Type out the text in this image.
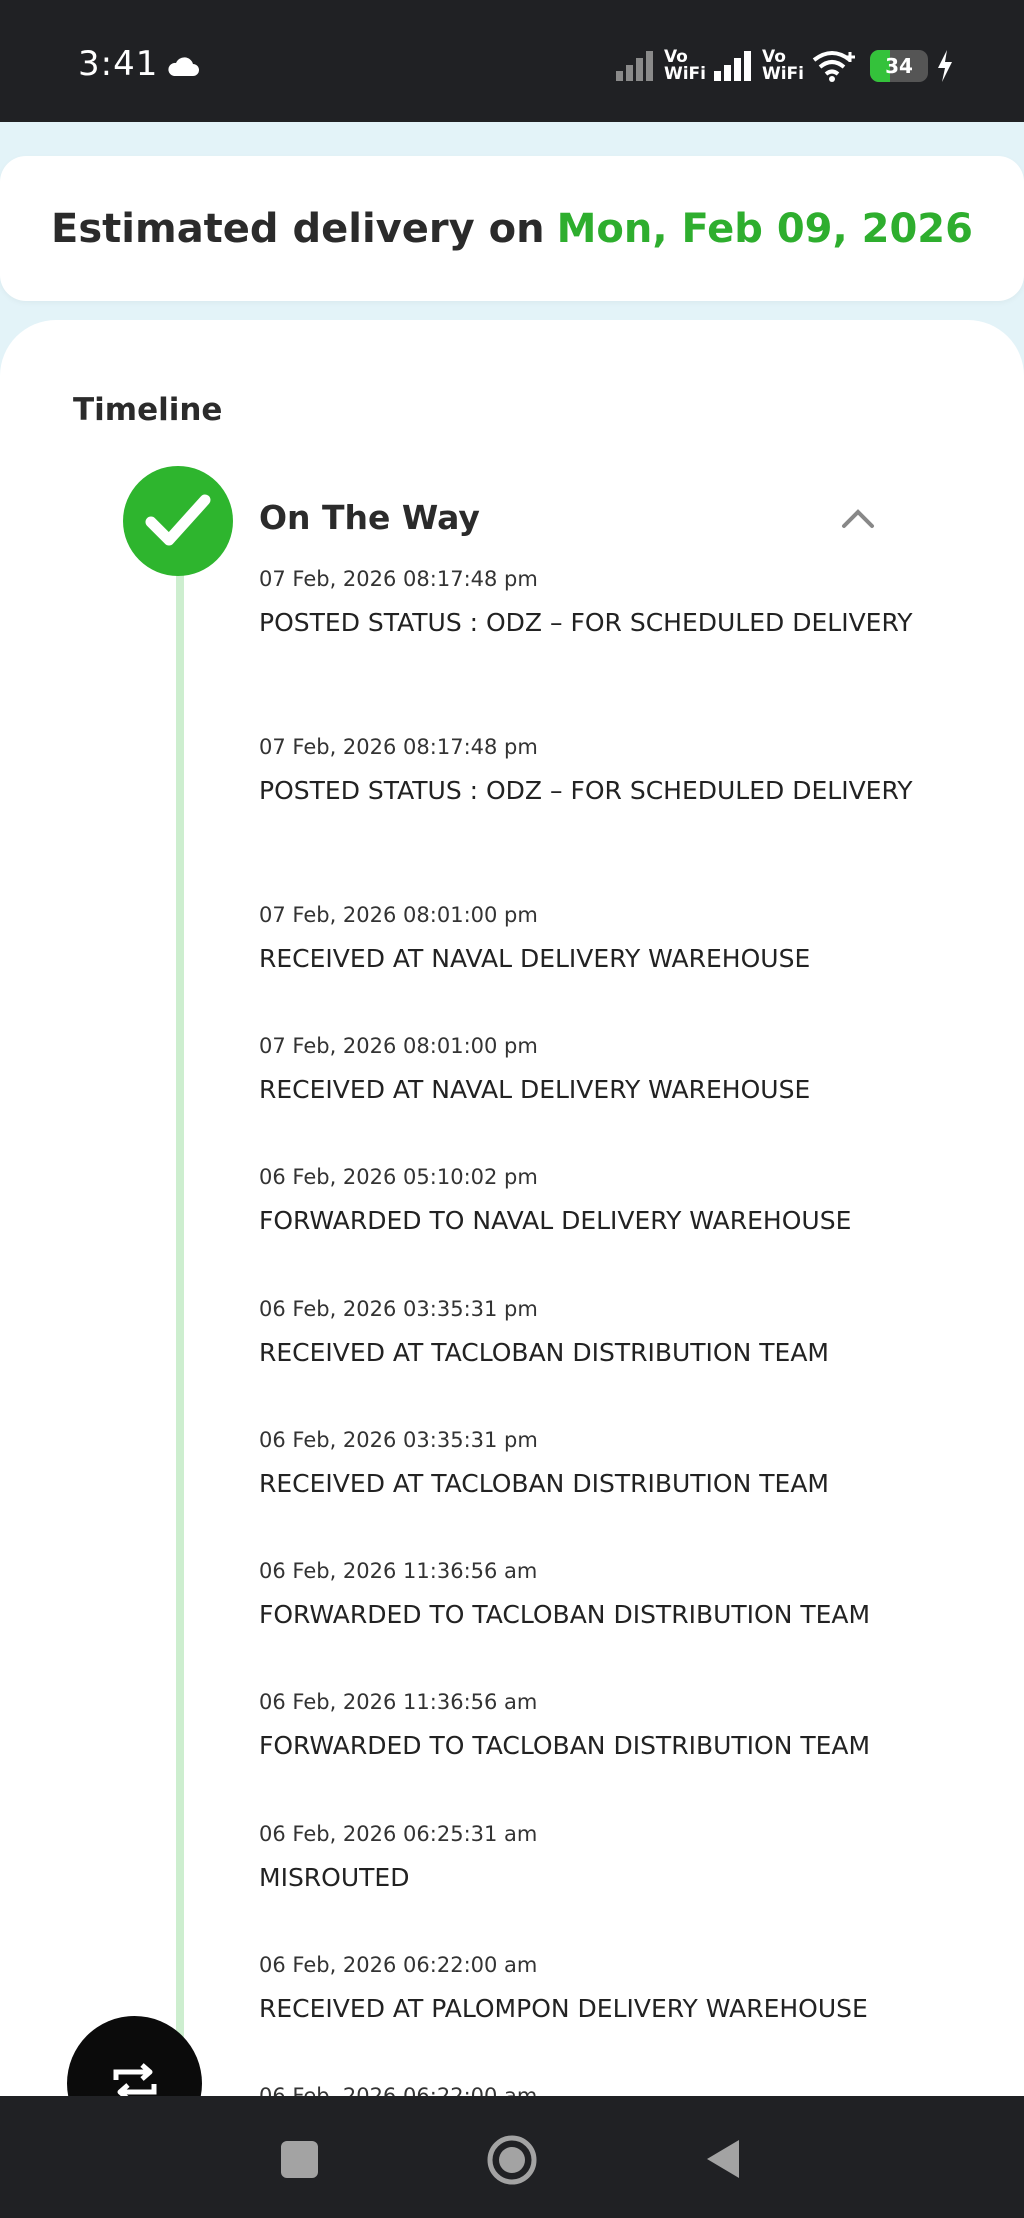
3:41	Vo
WiFi
Vo
WiFi	34
Estimated delivery on Mon, Feb 09, 2026
Timeline
On The Way
07 Feb, 2026 08:17:48 pm
POSTED STATUS : ODZ – FOR SCHEDULED DELIVERY
07 Feb, 2026 08:17:48 pm
POSTED STATUS : ODZ – FOR SCHEDULED DELIVERY
07 Feb, 2026 08:01:00 pm
RECEIVED AT NAVAL DELIVERY WAREHOUSE
07 Feb, 2026 08:01:00 pm
RECEIVED AT NAVAL DELIVERY WAREHOUSE
06 Feb, 2026 05:10:02 pm
FORWARDED TO NAVAL DELIVERY WAREHOUSE
06 Feb, 2026 03:35:31 pm
RECEIVED AT TACLOBAN DISTRIBUTION TEAM
06 Feb, 2026 03:35:31 pm
RECEIVED AT TACLOBAN DISTRIBUTION TEAM
06 Feb, 2026 11:36:56 am
FORWARDED TO TACLOBAN DISTRIBUTION TEAM
06 Feb, 2026 11:36:56 am
FORWARDED TO TACLOBAN DISTRIBUTION TEAM
06 Feb, 2026 06:25:31 am
MISROUTED
06 Feb, 2026 06:22:00 am
RECEIVED AT PALOMPON DELIVERY WAREHOUSE
